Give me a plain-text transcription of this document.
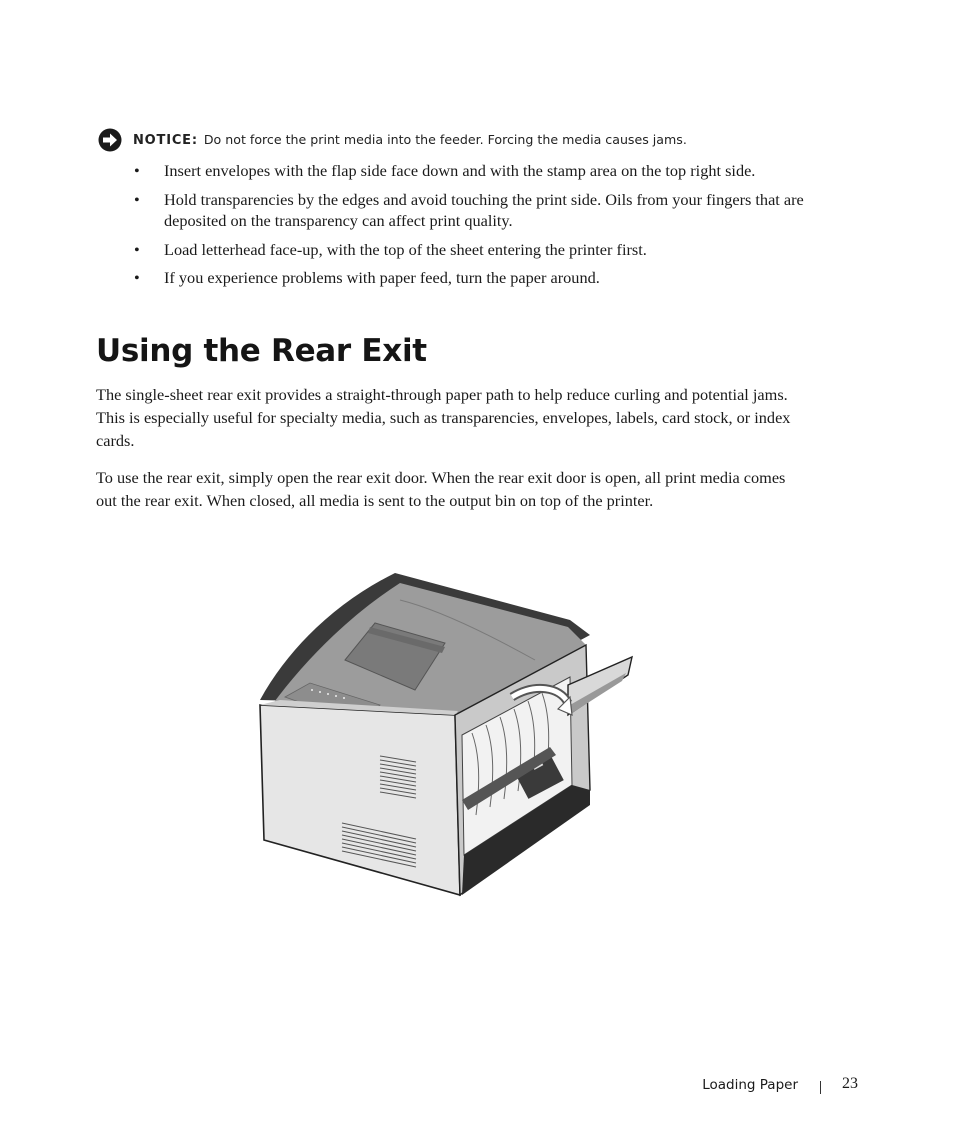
NOTICE: Do not force the print media into the feeder. Forcing the media causes jams.
• Insert envelopes with the flap side face down and with the stamp area on the top right side.
• Hold transparencies by the edges and avoid touching the print side. Oils from your fingers that are deposited on the transparency can affect print quality.
• Load letterhead face-up, with the top of the sheet entering the printer first.
• If you experience problems with paper feed, turn the paper around.
Using the Rear Exit

The single-sheet rear exit provides a straight-through paper path to help reduce curling and potential jams. This is especially useful for specialty media, such as transparencies, envelopes, labels, card stock, or index cards.

To use the rear exit, simply open the rear exit door. When the rear exit door is open, all print media comes out the rear exit. When closed, all media is sent to the output bin on top of the printer.

Loading Paper	23
